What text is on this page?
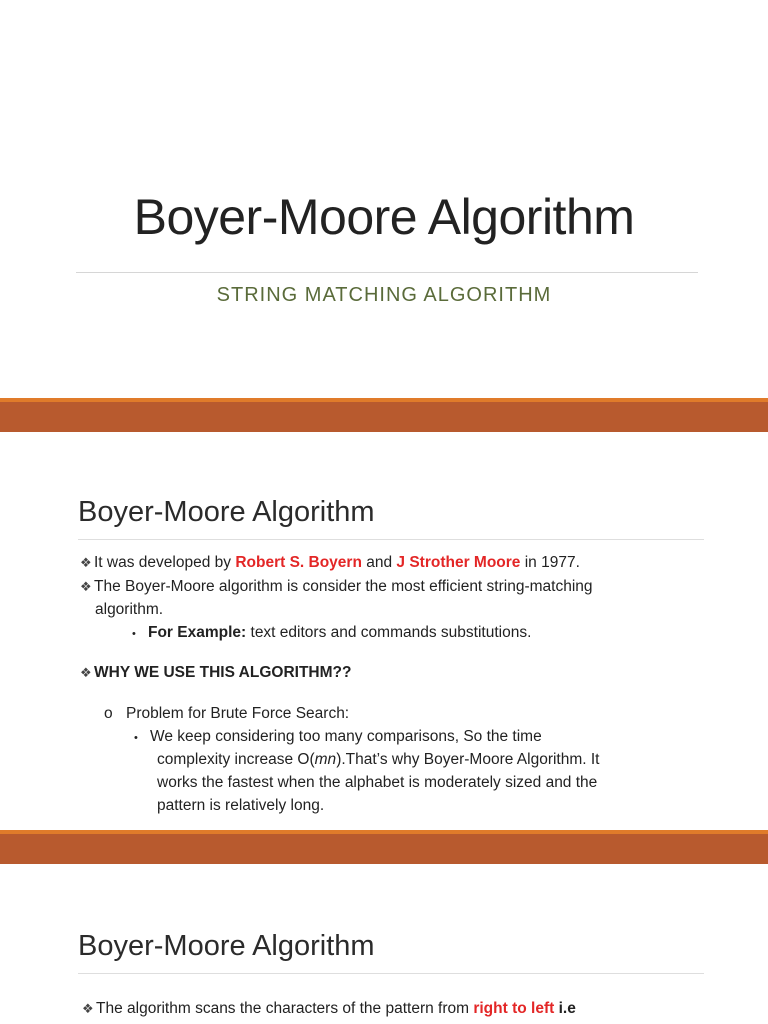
Boyer-Moore Algorithm
STRING MATCHING ALGORITHM
Boyer-Moore Algorithm
❖ It was developed by Robert S. Boyern and J Strother Moore in 1977.
❖ The Boyer-Moore algorithm is consider the most efficient string-matching
algorithm.
• For Example: text editors and commands substitutions.
❖ WHY WE USE THIS ALGORITHM??
o Problem for Brute Force Search:
• We keep considering too many comparisons, So the time
complexity increase O(mn).That’s why Boyer-Moore Algorithm. It
works the fastest when the alphabet is moderately sized and the
pattern is relatively long.
Boyer-Moore Algorithm
❖ The algorithm scans the characters of the pattern from right to left i.e
